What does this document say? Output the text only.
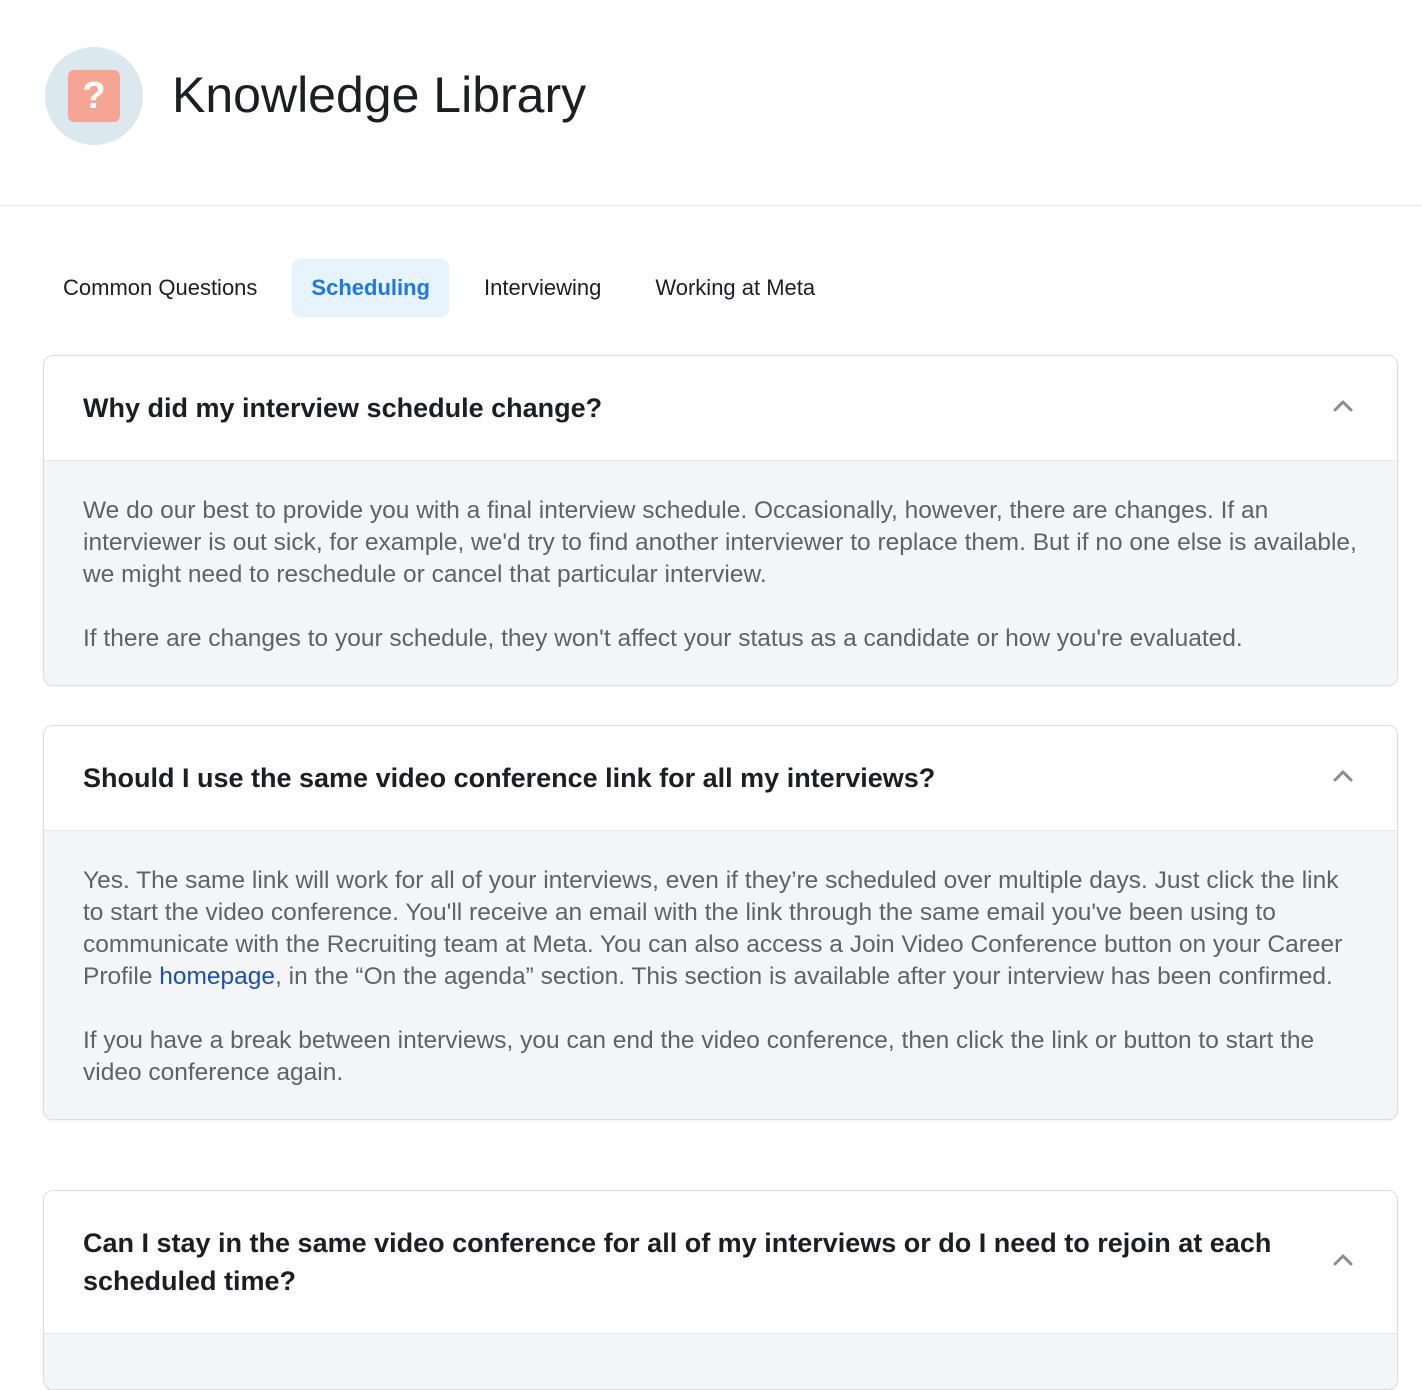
? Knowledge Library
Common Questions	Scheduling	Interviewing	Working at Meta
Why did my interview schedule change?

We do our best to provide you with a final interview schedule. Occasionally, however, there are changes. If an interviewer is out sick, for example, we'd try to find another interviewer to replace them. But if no one else is available, we might need to reschedule or cancel that particular interview.

If there are changes to your schedule, they won't affect your status as a candidate or how you're evaluated.

Should I use the same video conference link for all my interviews?

Yes. The same link will work for all of your interviews, even if they’re scheduled over multiple days. Just click the link to start the video conference. You'll receive an email with the link through the same email you've been using to communicate with the Recruiting team at Meta. You can also access a Join Video Conference button on your Career Profile homepage, in the “On the agenda” section. This section is available after your interview has been confirmed.

If you have a break between interviews, you can end the video conference, then click the link or button to start the video conference again.

Can I stay in the same video conference for all of my interviews or do I need to rejoin at each scheduled time?
